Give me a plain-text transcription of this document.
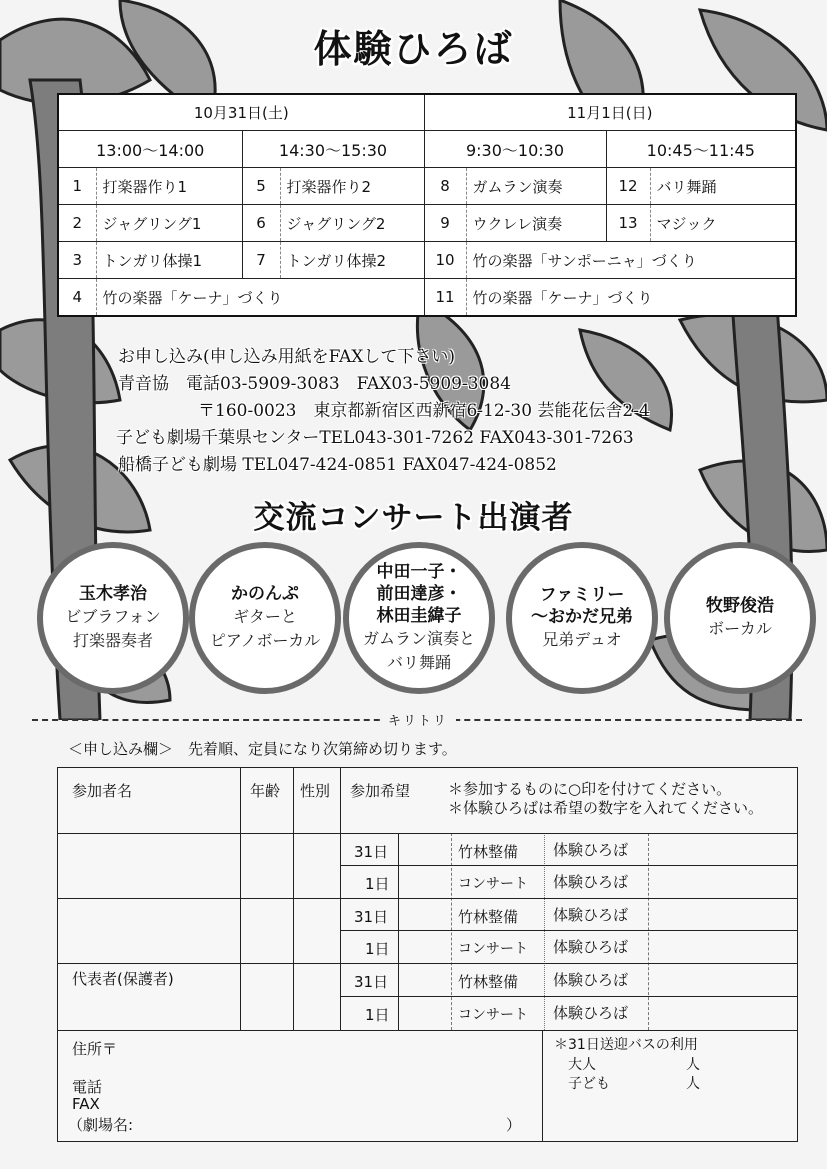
体験ひろば
10月31日(土)				11月1日(日)			
13:00〜14:00		14:30〜15:30		9:30〜10:30		10:45〜11:45	
1	打楽器作り1	5	打楽器作り2	8	ガムラン演奏	12	バリ舞踊
2	ジャグリング1	6	ジャグリング2	9	ウクレレ演奏	13	マジック
3	トンガリ体操1	7	トンガリ体操2	10	竹の楽器「サンポーニャ」づくり		
4	竹の楽器「ケーナ」づくり			11	竹の楽器「ケーナ」づくり		
お申し込み(申し込み用紙をFAXして下さい)
青音協　電話03-5909-3083　FAX03-5909-3084
〒160-0023　東京都新宿区西新宿6-12-30 芸能花伝舎2-4
子ども劇場千葉県センターTEL043-301-7262 FAX043-301-7263
船橋子ども劇場 TEL047-424-0851 FAX047-424-0852
交流コンサート出演者
玉木孝治
ビブラフォン
打楽器奏者
かのんぷ
ギターと
ピアノボーカル
中田一子・
前田達彦・
林田圭緯子
ガムラン演奏と
バリ舞踊
ファミリー
〜おかだ兄弟
兄弟デュオ
牧野俊浩
ボーカル
キリトリ
＜申し込み欄＞　先着順、定員になり次第締め切ります。
参加者名	年齢 性別 参加希望	＊参加するものに○印を付けてください。
＊体験ひろばは希望の数字を入れてください。
31日	竹林整備 体験ひろば
1日	コンサート 体験ひろば
31日	竹林整備 体験ひろば
1日	コンサート 体験ひろば
代表者(保護者)	31日	竹林整備 体験ひろば
1日	コンサート 体験ひろば
住所〒
電話
FAX
（劇場名:	）
＊31日送迎バスの利用
大人	人
子ども	人
